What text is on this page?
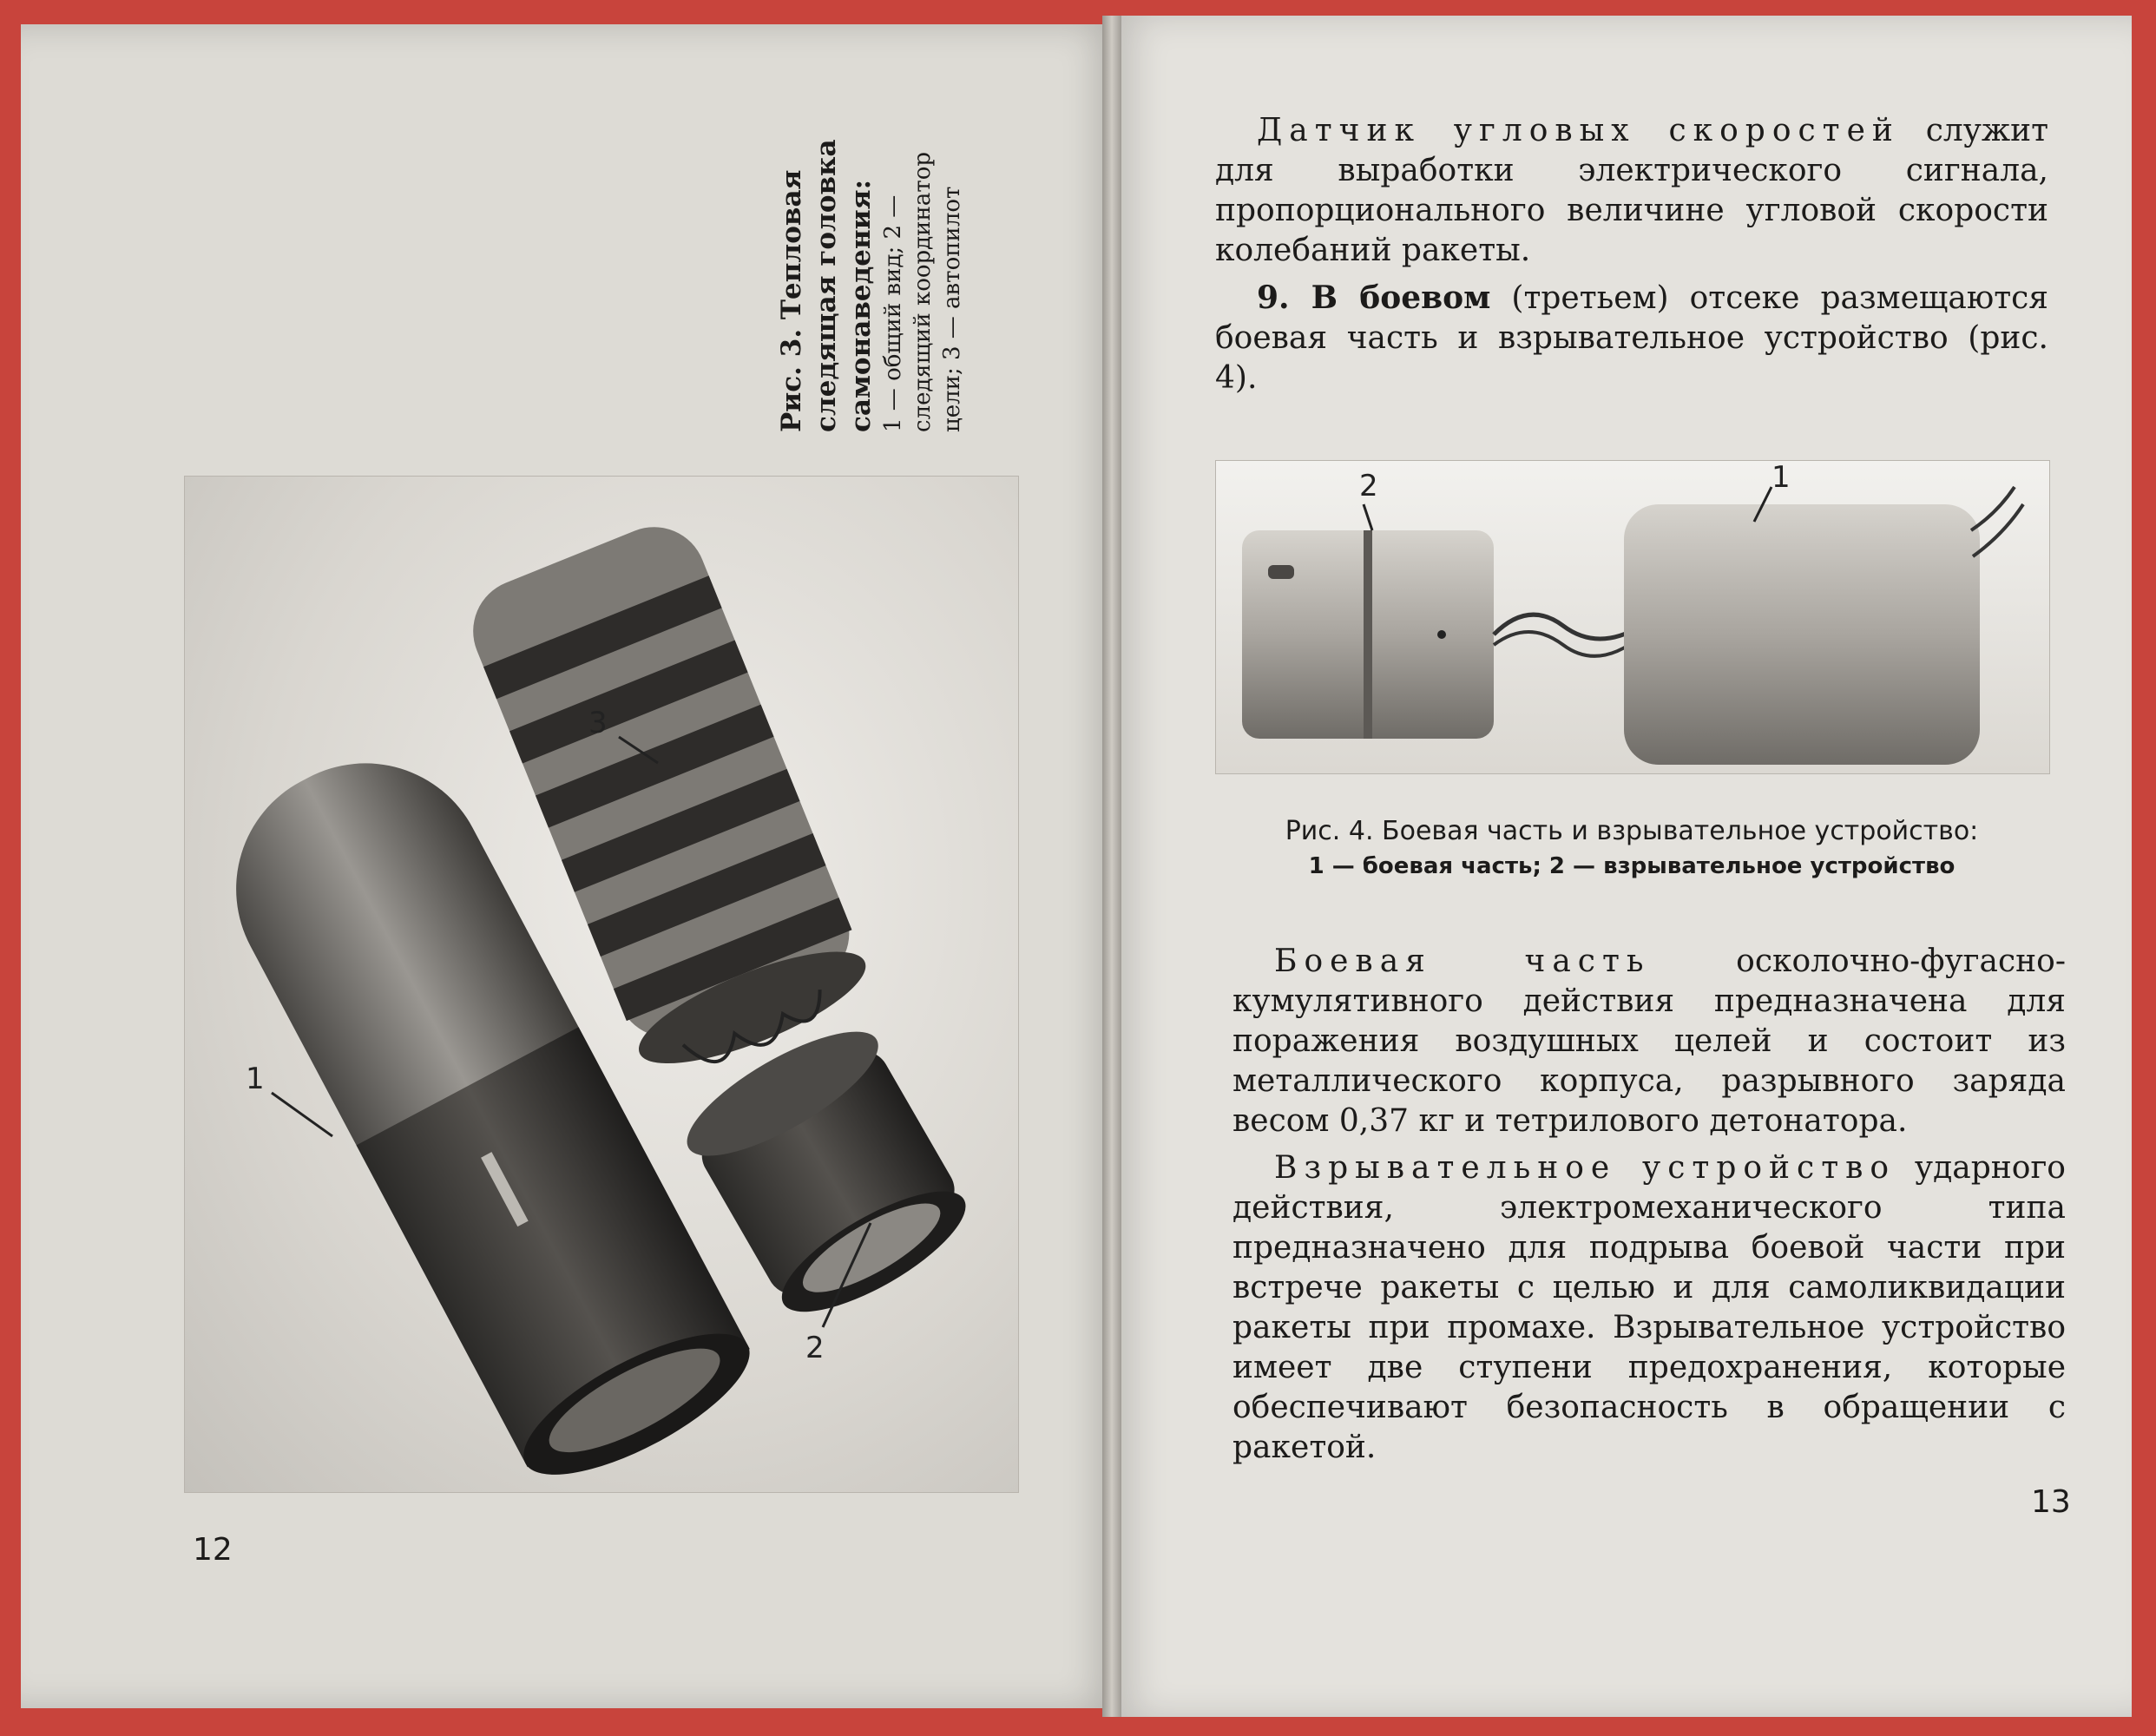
Рис. 3. Тепловая следящая головка самонаведения: 1 — общий вид; 2 — следящий координатор цели; 3 — автопилот
1
2
3
12

Датчик угловых скоростей служит для выработки электрического сигнала, пропорционального величине угловой скорости колебаний ракеты.

9. В боевом (третьем) отсеке размещаются боевая часть и взрывательное устройство (рис. 4).

2	1
Рис. 4. Боевая часть и взрывательное устройство:
1 — боевая часть; 2 — взрывательное устройство

Боевая часть осколочно-фугасно-кумулятивного действия предназначена для поражения воздушных целей и состоит из металлического корпуса, разрывного заряда весом 0,37 кг и тетрилового детонатора.

Взрывательное устройство ударного действия, электромеханического типа предназначено для подрыва боевой части при встрече ракеты с целью и для самоликвидации ракеты при промахе. Взрывательное устройство имеет две ступени предохранения, которые обеспечивают безопасность в обращении с ракетой.

13
